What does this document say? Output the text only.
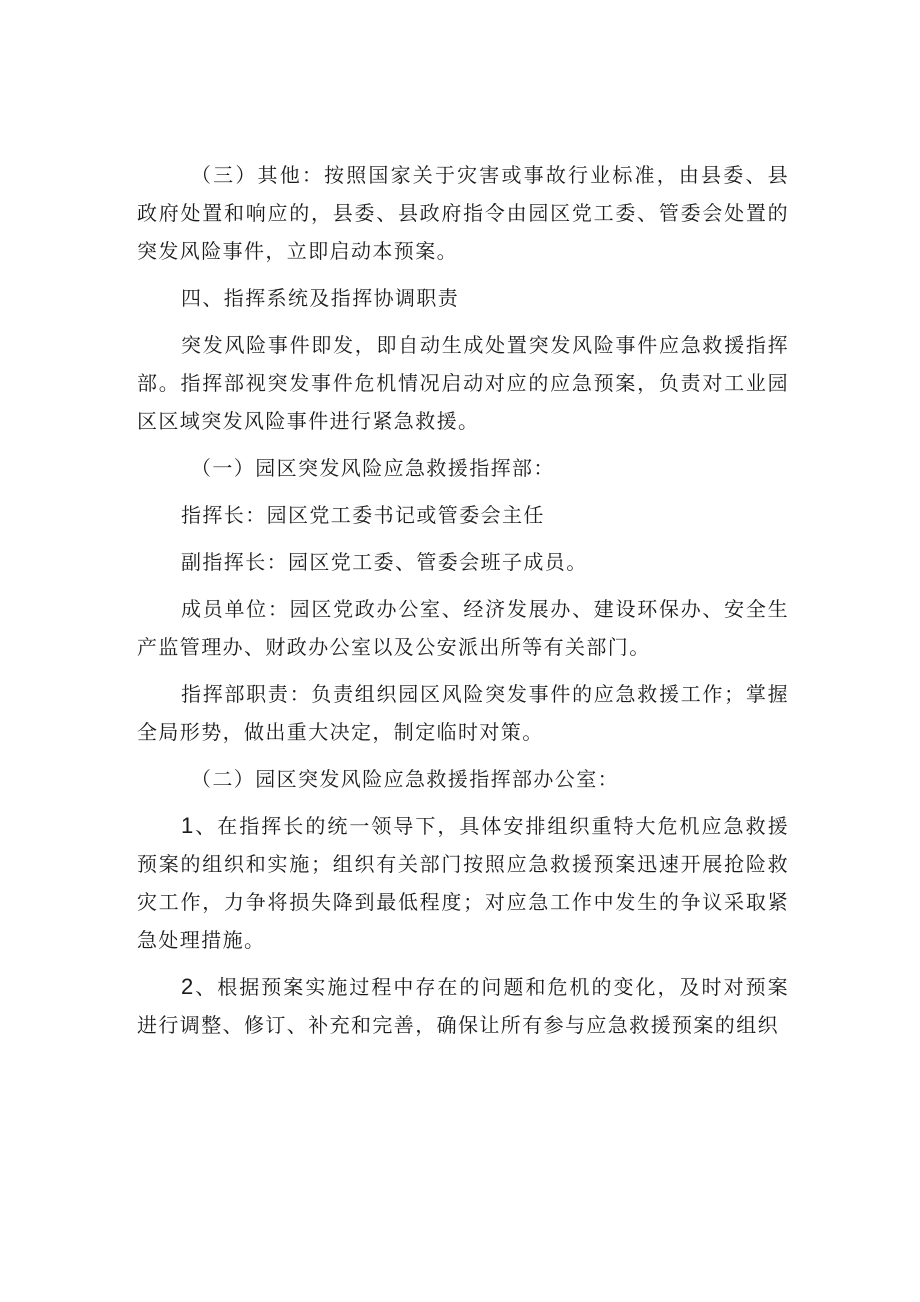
（三）其他：按照国家关于灾害或事故行业标准，由县委、县政府处置和响应的，县委、县政府指令由园区党工委、管委会处置的突发风险事件，立即启动本预案。

四、指挥系统及指挥协调职责

突发风险事件即发，即自动生成处置突发风险事件应急救援指挥部。指挥部视突发事件危机情况启动对应的应急预案，负责对工业园区区域突发风险事件进行紧急救援。

（一）园区突发风险应急救援指挥部：

指挥长：园区党工委书记或管委会主任

副指挥长：园区党工委、管委会班子成员。

成员单位：园区党政办公室、经济发展办、建设环保办、安全生产监管理办、财政办公室以及公安派出所等有关部门。

指挥部职责：负责组织园区风险突发事件的应急救援工作；掌握全局形势，做出重大决定，制定临时对策。

（二）园区突发风险应急救援指挥部办公室：

1、在指挥长的统一领导下，具体安排组织重特大危机应急救援预案的组织和实施；组织有关部门按照应急救援预案迅速开展抢险救灾工作，力争将损失降到最低程度；对应急工作中发生的争议采取紧急处理措施。

2、根据预案实施过程中存在的问题和危机的变化，及时对预案进行调整、修订、补充和完善，确保让所有参与应急救援预案的组织
